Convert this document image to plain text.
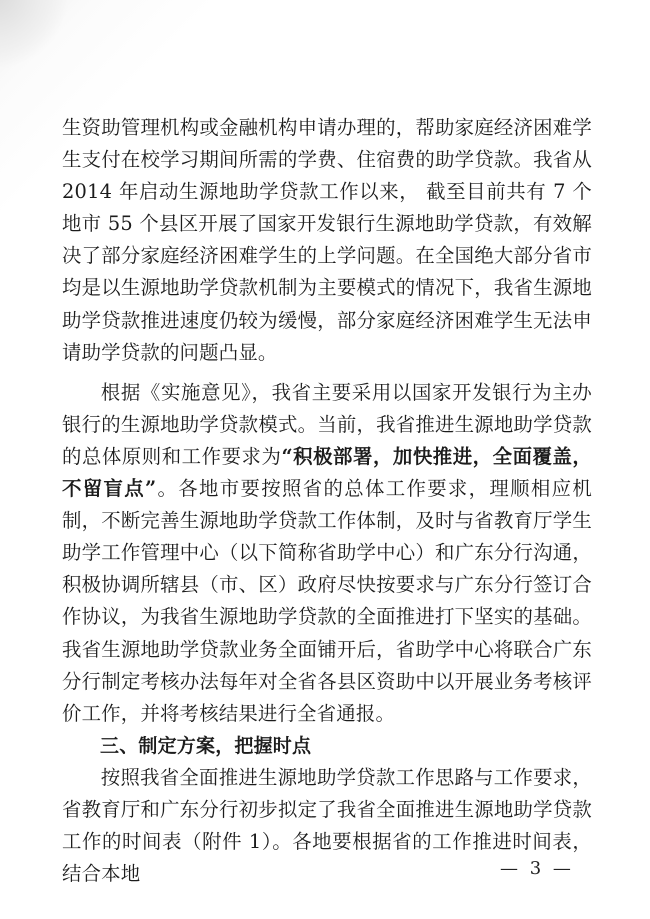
生资助管理机构或金融机构申请办理的，帮助家庭经济困难学生支付在校学习期间所需的学费、住宿费的助学贷款。我省从 2014 年启动生源地助学贷款工作以来， 截至目前共有 7 个地市 55 个县区开展了国家开发银行生源地助学贷款，有效解决了部分家庭经济困难学生的上学问题。在全国绝大部分省市均是以生源地助学贷款机制为主要模式的情况下，我省生源地助学贷款推进速度仍较为缓慢，部分家庭经济困难学生无法申请助学贷款的问题凸显。

根据《实施意见》，我省主要采用以国家开发银行为主办银行的生源地助学贷款模式。当前，我省推进生源地助学贷款的总体原则和工作要求为“积极部署，加快推进，全面覆盖，不留盲点”。各地市要按照省的总体工作要求，理顺相应机制，不断完善生源地助学贷款工作体制，及时与省教育厅学生助学工作管理中心（以下简称省助学中心）和广东分行沟通，积极协调所辖县（市、区）政府尽快按要求与广东分行签订合作协议，为我省生源地助学贷款的全面推进打下坚实的基础。我省生源地助学贷款业务全面铺开后，省助学中心将联合广东分行制定考核办法每年对全省各县区资助中以开展业务考核评价工作，并将考核结果进行全省通报。

三、制定方案，把握时点

按照我省全面推进生源地助学贷款工作思路与工作要求，省教育厅和广东分行初步拟定了我省全面推进生源地助学贷款工作的时间表（附件 1）。各地要根据省的工作推进时间表，结合本地	— 3 —
